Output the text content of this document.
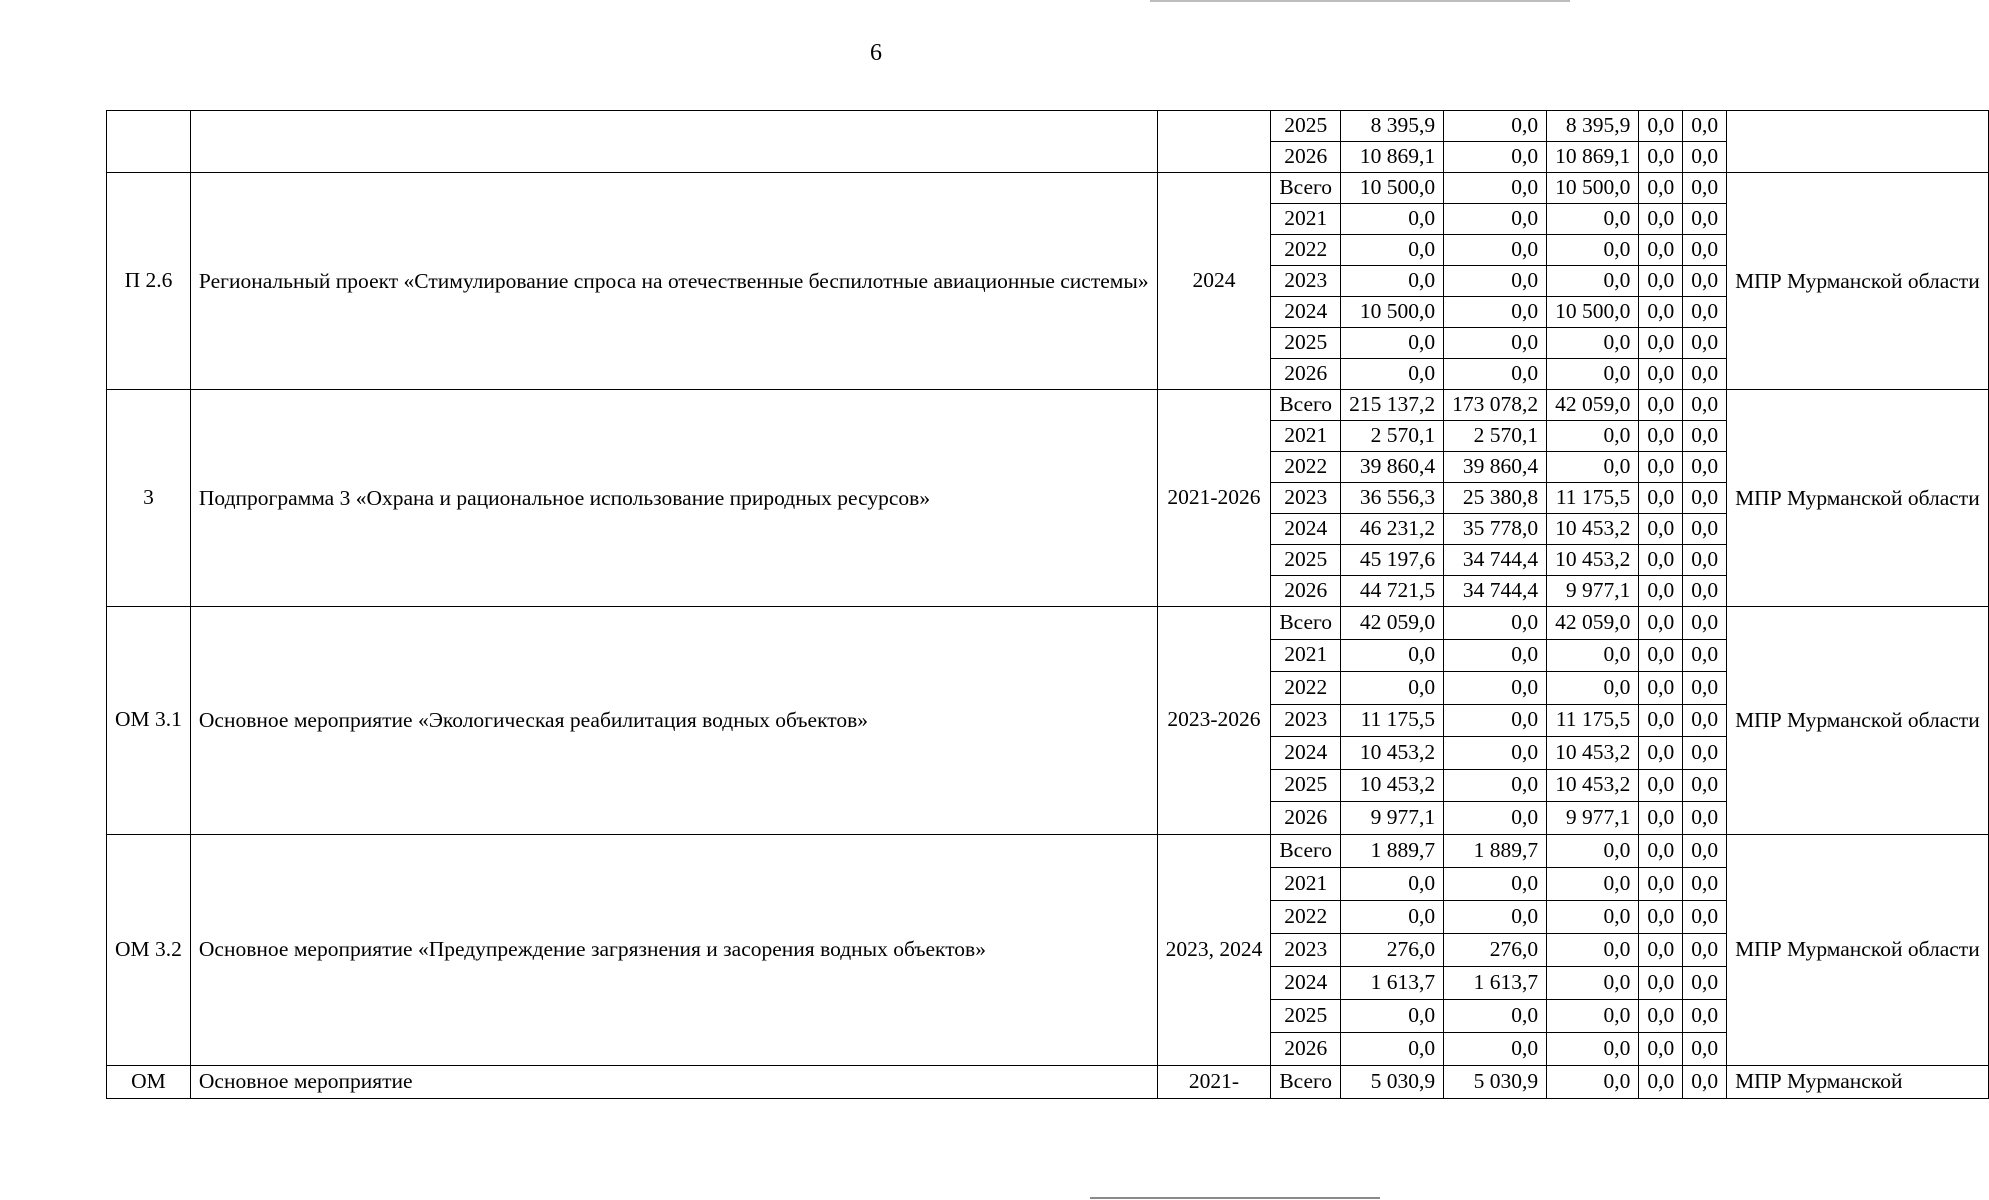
6
			2025	8 395,9	0,0	8 395,9	0,0	0,0	
			2026	10 869,1	0,0	10 869,1	0,0	0,0	
П 2.6	Региональный проект «Стимулирование спроса на отечественные беспилотные авиационные системы»	2024	Всего	10 500,0	0,0	10 500,0	0,0	0,0	МПР Мурманской области
			2021	0,0	0,0	0,0	0,0	0,0	
			2022	0,0	0,0	0,0	0,0	0,0	
			2023	0,0	0,0	0,0	0,0	0,0	
			2024	10 500,0	0,0	10 500,0	0,0	0,0	
			2025	0,0	0,0	0,0	0,0	0,0	
			2026	0,0	0,0	0,0	0,0	0,0	
3	Подпрограмма 3 «Охрана и рациональное использование природных ресурсов»	2021-2026	Всего	215 137,2	173 078,2	42 059,0	0,0	0,0	МПР Мурманской области
			2021	2 570,1	2 570,1	0,0	0,0	0,0	
			2022	39 860,4	39 860,4	0,0	0,0	0,0	
			2023	36 556,3	25 380,8	11 175,5	0,0	0,0	
			2024	46 231,2	35 778,0	10 453,2	0,0	0,0	
			2025	45 197,6	34 744,4	10 453,2	0,0	0,0	
			2026	44 721,5	34 744,4	9 977,1	0,0	0,0	
ОМ 3.1	Основное мероприятие «Экологическая реабилитация водных объектов»	2023-2026	Всего	42 059,0	0,0	42 059,0	0,0	0,0	МПР Мурманской области
			2021	0,0	0,0	0,0	0,0	0,0	
			2022	0,0	0,0	0,0	0,0	0,0	
			2023	11 175,5	0,0	11 175,5	0,0	0,0	
			2024	10 453,2	0,0	10 453,2	0,0	0,0	
			2025	10 453,2	0,0	10 453,2	0,0	0,0	
			2026	9 977,1	0,0	9 977,1	0,0	0,0	
ОМ 3.2	Основное мероприятие «Предупреждение загрязнения и засорения водных объектов»	2023, 2024	Всего	1 889,7	1 889,7	0,0	0,0	0,0	МПР Мурманской области
			2021	0,0	0,0	0,0	0,0	0,0	
			2022	0,0	0,0	0,0	0,0	0,0	
			2023	276,0	276,0	0,0	0,0	0,0	
			2024	1 613,7	1 613,7	0,0	0,0	0,0	
			2025	0,0	0,0	0,0	0,0	0,0	
			2026	0,0	0,0	0,0	0,0	0,0	
ОМ	Основное мероприятие	2021-	Всего	5 030,9	5 030,9	0,0	0,0	0,0	МПР Мурманской
